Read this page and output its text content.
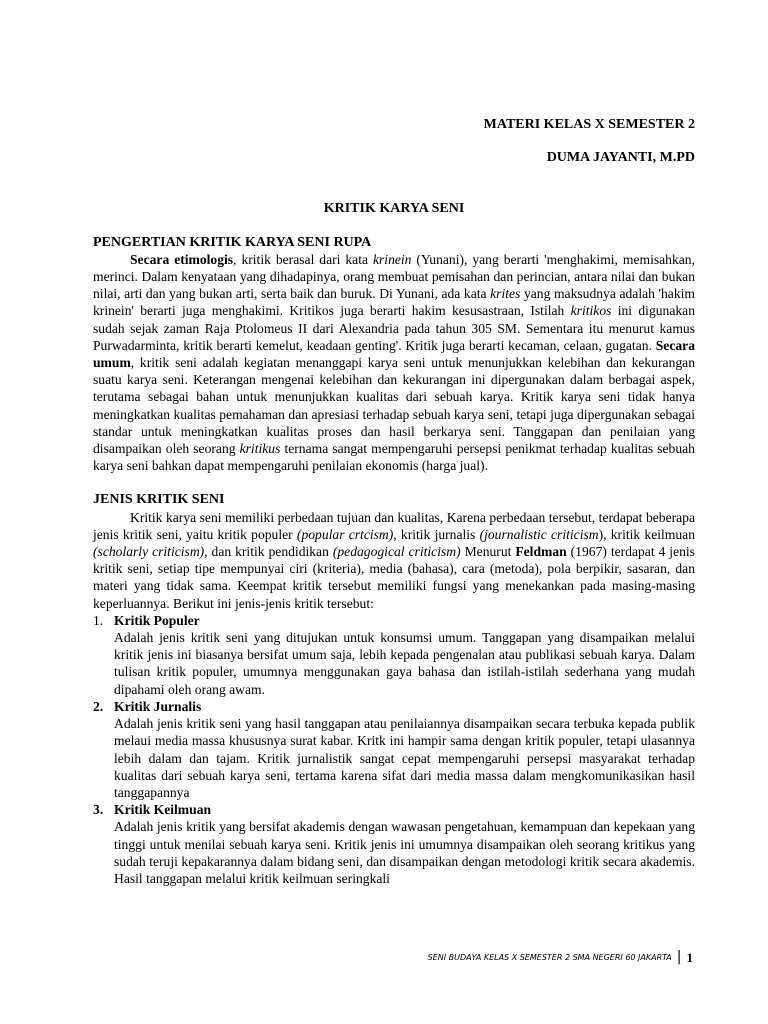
MATERI KELAS X SEMESTER 2
DUMA JAYANTI, M.PD
KRITIK KARYA SENI
PENGERTIAN KRITIK KARYA SENI RUPA
Secara etimologis, kritik berasal dari kata krinein (Yunani), yang berarti 'menghakimi, memisahkan, merinci. Dalam kenyataan yang dihadapinya, orang membuat pemisahan dan perincian, antara nilai dan bukan nilai, arti dan yang bukan arti, serta baik dan buruk. Di Yunani, ada kata krites yang maksudnya adalah 'hakim krinein' berarti juga menghakimi. Kritikos juga berarti hakim kesusastraan, Istilah kritikos ini digunakan sudah sejak zaman Raja Ptolomeus II dari Alexandria pada tahun 305 SM. Sementara itu menurut kamus Purwadarminta, kritik berarti kemelut, keadaan genting'. Kritik juga berarti kecaman, celaan, gugatan. Secara umum, kritik seni adalah kegiatan menanggapi karya seni untuk menunjukkan kelebihan dan kekurangan suatu karya seni. Keterangan mengenai kelebihan dan kekurangan ini dipergunakan dalam berbagai aspek, terutama sebagai bahan untuk menunjukkan kualitas dari sebuah karya. Kritik karya seni tidak hanya meningkatkan kualitas pemahaman dan apresiasi terhadap sebuah karya seni, tetapi juga dipergunakan sebagai standar untuk meningkatkan kualitas proses dan hasil berkarya seni. Tanggapan dan penilaian yang disampaikan oleh seorang kritikus ternama sangat mempengaruhi persepsi penikmat terhadap kualitas sebuah karya seni bahkan dapat mempengaruhi penilaian ekonomis (harga jual).
JENIS KRITIK SENI
Kritik karya seni memiliki perbedaan tujuan dan kualitas, Karena perbedaan tersebut, terdapat beberapa jenis kritik seni, yaitu kritik populer (popular crtcism), kritik jurnalis (journalistic criticism), kritik keilmuan (scholarly criticism), dan kritik pendidikan (pedagogical criticism) Menurut Feldman (1967) terdapat 4 jenis kritik seni, setiap tipe mempunyai ciri (kriteria), media (bahasa), cara (metoda), pola berpikir, sasaran, dan materi yang tidak sama. Keempat kritik tersebut memiliki fungsi yang menekankan pada masing-masing keperluannya. Berikut ini jenis-jenis kritik tersebut:
1. Kritik Populer
Adalah jenis kritik seni yang ditujukan untuk konsumsi umum. Tanggapan yang disampaikan melalui kritik jenis ini biasanya bersifat umum saja, lebih kepada pengenalan atau publikasi sebuah karya. Dalam tulisan kritik populer, umumnya menggunakan gaya bahasa dan istilah-istilah sederhana yang mudah dipahami oleh orang awam.
2. Kritik Jurnalis
Adalah jenis kritik seni yang hasil tanggapan atau penilaiannya disampaikan secara terbuka kepada publik melaui media massa khususnya surat kabar. Kritk ini hampir sama dengan kritik populer, tetapi ulasannya lebih dalam dan tajam. Kritik jurnalistik sangat cepat mempengaruhi persepsi masyarakat terhadap kualitas dari sebuah karya seni, tertama karena sifat dari media massa dalam mengkomunikasikan hasil tanggapannya
3. Kritik Keilmuan
Adalah jenis kritik yang bersifat akademis dengan wawasan pengetahuan, kemampuan dan kepekaan yang tinggi untuk menilai sebuah karya seni. Kritik jenis ini umumnya disampaikan oleh seorang kritikus yang sudah teruji kepakarannya dalam bidang seni, dan disampaikan dengan metodologi kritik secara akademis. Hasil tanggapan melalui kritik keilmuan seringkali
SENI BUDAYA KELAS X SEMESTER 2 SMA NEGERI 60 JAKARTA | 1
